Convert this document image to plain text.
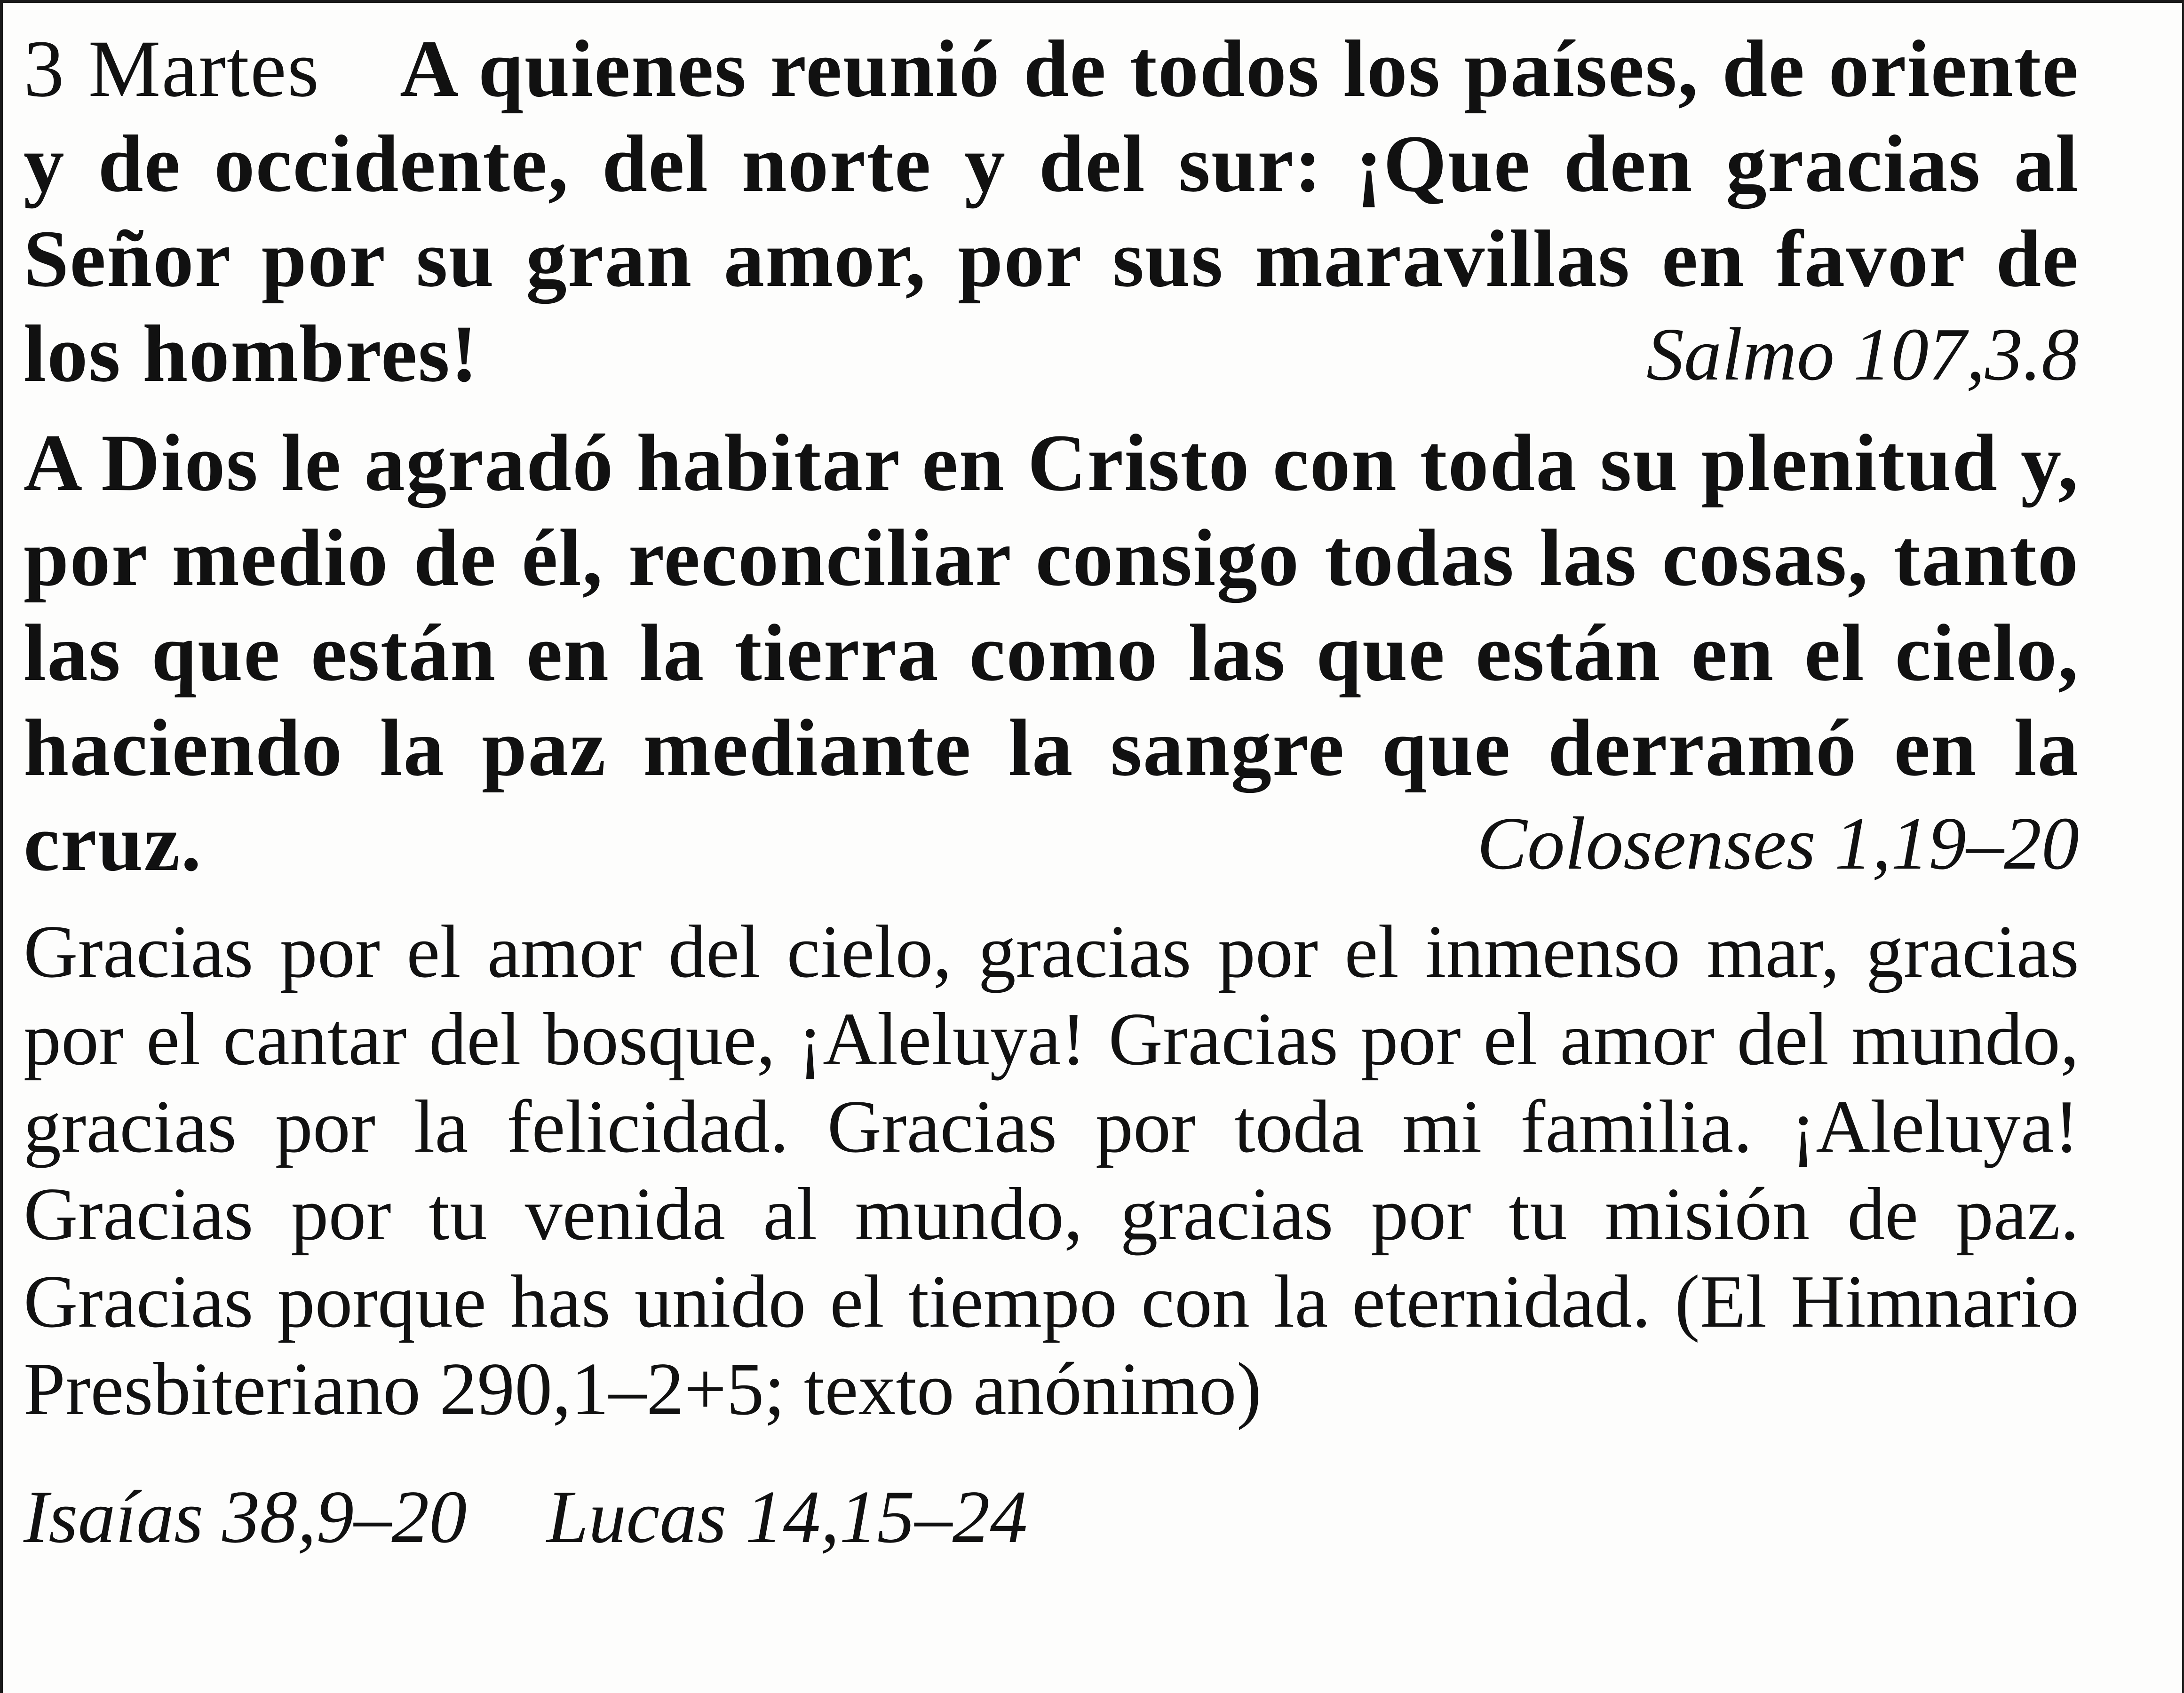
3 Martes A quienes reunió de todos los países, de oriente y de occidente, del norte y del sur: ¡Que den gracias al Señor por su gran amor, por sus maravillas en favor de los hombres!	Salmo 107,3.8

A Dios le agradó habitar en Cristo con toda su plenitud y, por medio de él, reconciliar consigo todas las cosas, tanto las que están en la tierra como las que están en el cielo, haciendo la paz mediante la sangre que derramó en la cruz.	Colosenses 1,19–20

Gracias por el amor del cielo, gracias por el inmenso mar, gracias por el cantar del bosque, ¡Aleluya! Gracias por el amor del mundo, gracias por la felicidad. Gracias por toda mi familia. ¡Aleluya! Gracias por tu venida al mundo, gracias por tu misión de paz. Gracias porque has unido el tiempo con la eternidad. (El Himnario Presbiteriano 290,1–2+5; texto anónimo)

Isaías 38,9–20 Lucas 14,15–24
